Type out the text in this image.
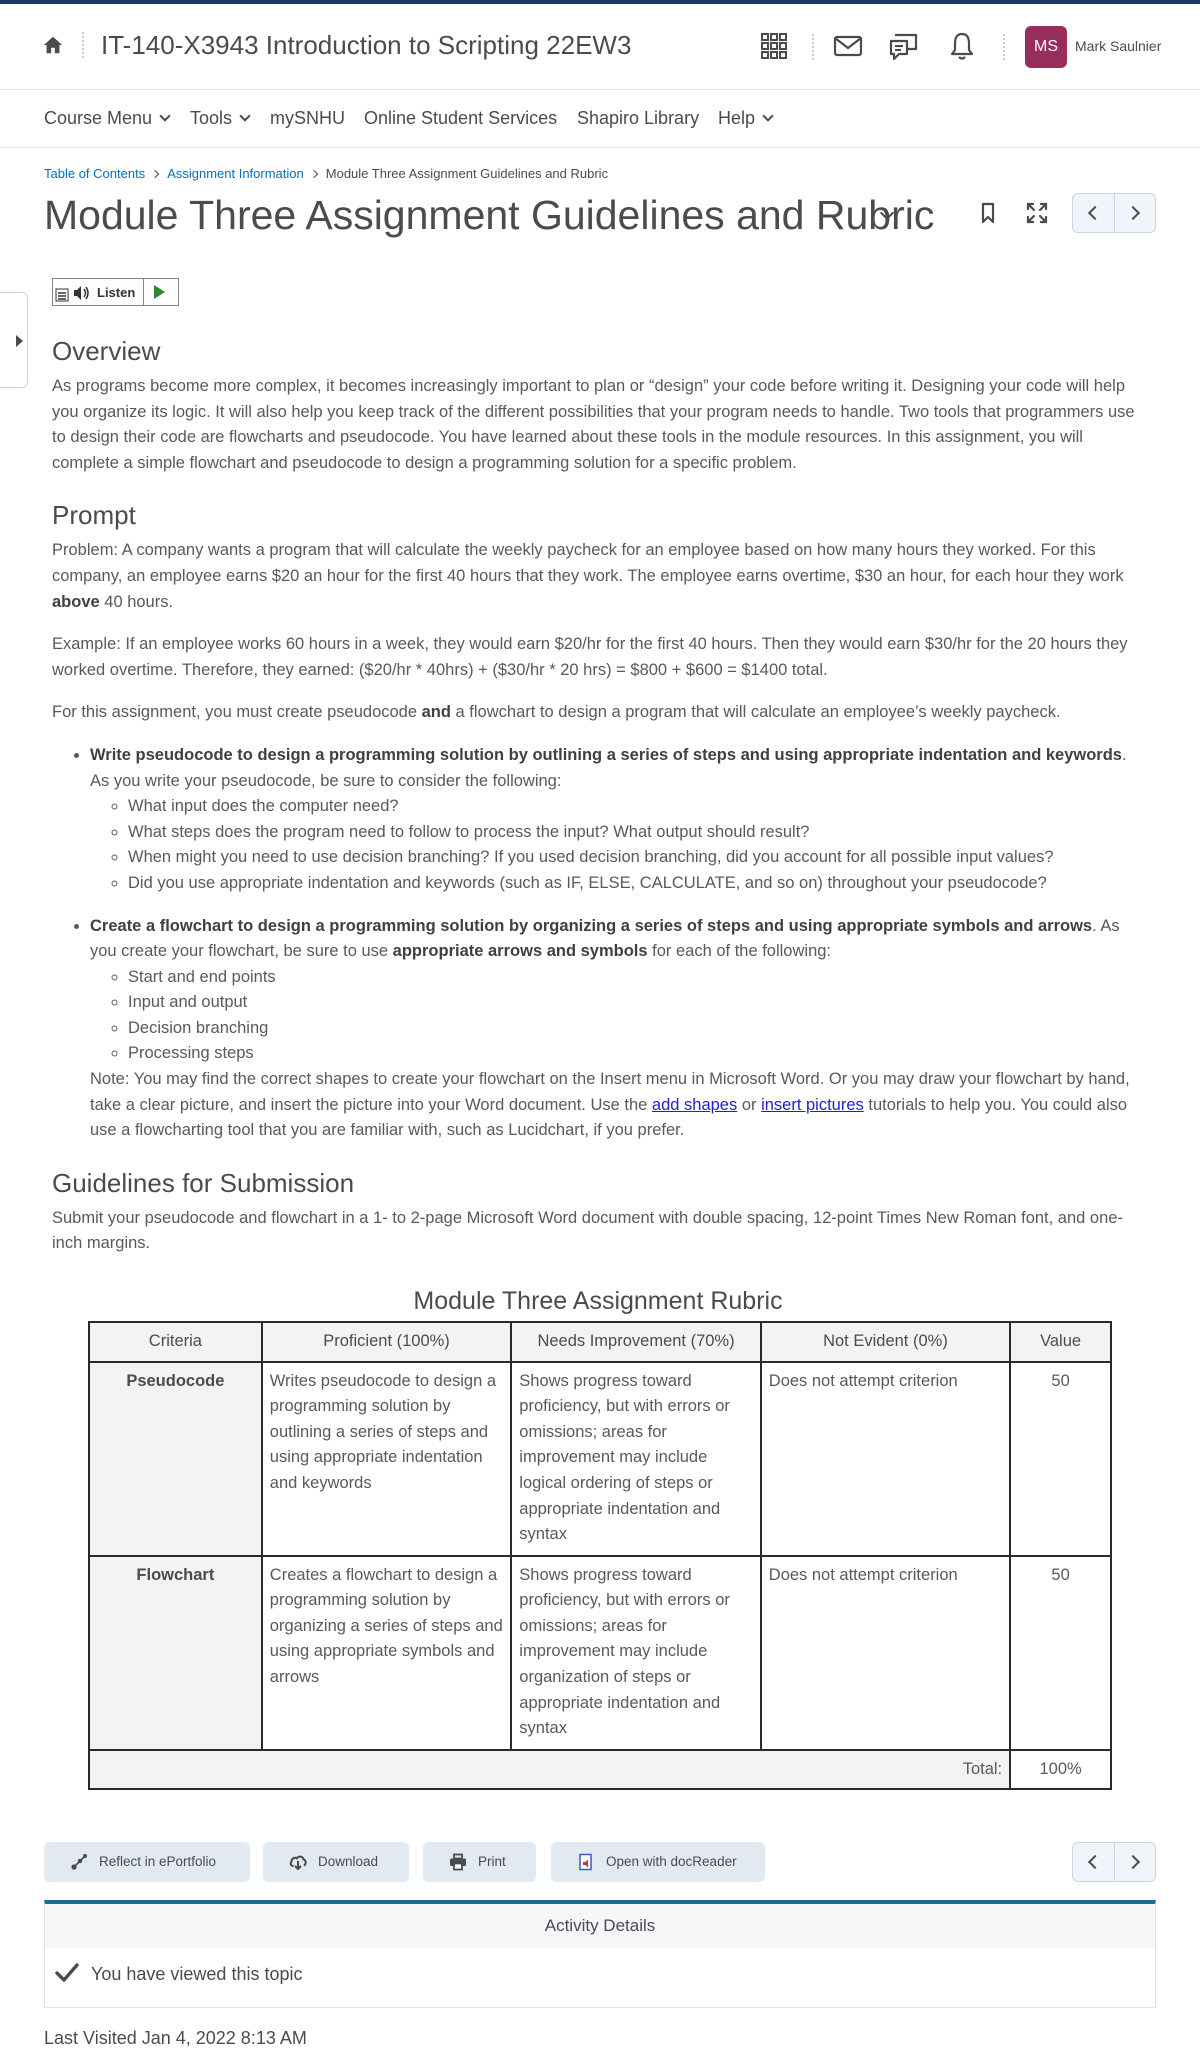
IT-140-X3943 Introduction to Scripting 22EW3	MS	Mark Saulnier
Course Menu	Tools	mySNHU Online Student Services Shapiro Library Help
Table of Contents Assignment Information Module Three Assignment Guidelines and Rubric
Module Three Assignment Guidelines and Rubric
Listen
Overview

As programs become more complex, it becomes increasingly important to plan or “design” your code before writing it. Designing your code will help you organize its logic. It will also help you keep track of the different possibilities that your program needs to handle. Two tools that programmers use to design their code are flowcharts and pseudocode. You have learned about these tools in the module resources. In this assignment, you will complete a simple flowchart and pseudocode to design a programming solution for a specific problem.

Prompt

Problem: A company wants a program that will calculate the weekly paycheck for an employee based on how many hours they worked. For this company, an employee earns $20 an hour for the first 40 hours that they work. The employee earns overtime, $30 an hour, for each hour they work above 40 hours.

Example: If an employee works 60 hours in a week, they would earn $20/hr for the first 40 hours. Then they would earn $30/hr for the 20 hours they worked overtime. Therefore, they earned: ($20/hr * 40hrs) + ($30/hr * 20 hrs) = $800 + $600 = $1400 total.

For this assignment, you must create pseudocode and a flowchart to design a program that will calculate an employee’s weekly paycheck.

• Write pseudocode to design a programming solution by outlining a series of steps and using appropriate indentation and keywords. As you write your pseudocode, be sure to consider the following:
◦ What input does the computer need?
◦ What steps does the program need to follow to process the input? What output should result?
◦ When might you need to use decision branching? If you used decision branching, did you account for all possible input values?
◦ Did you use appropriate indentation and keywords (such as IF, ELSE, CALCULATE, and so on) throughout your pseudocode?
• Create a flowchart to design a programming solution by organizing a series of steps and using appropriate symbols and arrows. As you create your flowchart, be sure to use appropriate arrows and symbols for each of the following:
◦ Start and end points
◦ Input and output
◦ Decision branching
◦ Processing steps
Note: You may find the correct shapes to create your flowchart on the Insert menu in Microsoft Word. Or you may draw your flowchart by hand, take a clear picture, and insert the picture into your Word document. Use the add shapes or insert pictures tutorials to help you. You could also use a flowcharting tool that you are familiar with, such as Lucidchart, if you prefer.
Guidelines for Submission

Submit your pseudocode and flowchart in a 1- to 2-page Microsoft Word document with double spacing, 12-point Times New Roman font, and one-inch margins.

Module Three Assignment Rubric
Criteria	Proficient (100%)	Needs Improvement (70%)	Not Evident (0%)	Value
Pseudocode	Writes pseudocode to design a programming solution by outlining a series of steps and using appropriate indentation and keywords	Shows progress toward proficiency, but with errors or omissions; areas for improvement may include logical ordering of steps or appropriate indentation and syntax	Does not attempt criterion	50
Flowchart	Creates a flowchart to design a programming solution by organizing a series of steps and using appropriate symbols and arrows	Shows progress toward proficiency, but with errors or omissions; areas for improvement may include organization of steps or appropriate indentation and syntax	Does not attempt criterion	50
Total:				100%
Reflect in ePortfolio	Download	Print	Open with docReader
Activity Details
You have viewed this topic
Last Visited Jan 4, 2022 8:13 AM
